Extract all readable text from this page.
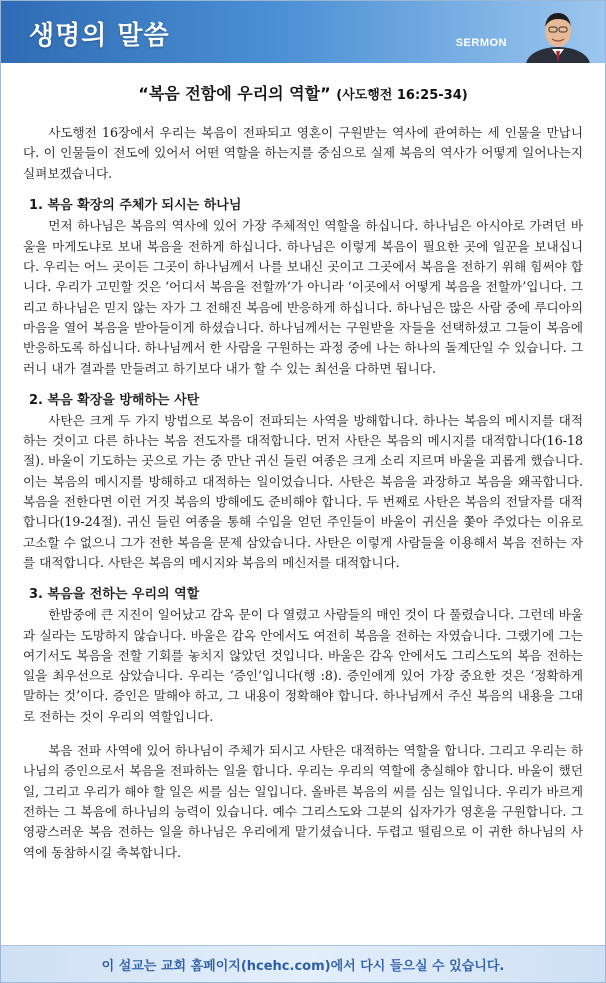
생명의 말씀	SERMON
“복음 전함에 우리의 역할” (사도행전 16:25-34)

사도행전 16장에서 우리는 복음이 전파되고 영혼이 구원받는 역사에 관여하는 세 인물을 만납니다. 이 인물들이 전도에 있어서 어떤 역할을 하는지를 중심으로 실제 복음의 역사가 어떻게 일어나는지 실펴보겠습니다.

1. 복음 확장의 주체가 되시는 하나님

먼저 하나님은 복음의 역사에 있어 가장 주체적인 역할을 하십니다. 하나님은 아시아로 가려던 바울을 마게도냐로 보내 복음을 전하게 하십니다. 하나님은 이렇게 복음이 필요한 곳에 일꾼을 보내십니다. 우리는 어느 곳이든 그곳이 하나님께서 나를 보내신 곳이고 그곳에서 복음을 전하기 위해 힘써야 합니다. 우리가 고민할 것은 ‘어디서 복음을 전할까’가 아니라 ‘이곳에서 어떻게 복음을 전할까’입니다. 그리고 하나님은 믿지 않는 자가 그 전해진 복음에 반응하게 하십니다. 하나님은 많은 사람 중에 루디아의 마음을 열어 복음을 받아들이게 하셨습니다. 하나님께서는 구원받을 자들을 선택하셨고 그들이 복음에 반응하도록 하십니다. 하나님께서 한 사람을 구원하는 과정 중에 나는 하나의 돌계단일 수 있습니다. 그러니 내가 결과를 만들려고 하기보다 내가 할 수 있는 최선을 다하면 됩니다.

2. 복음 확장을 방해하는 사탄

사탄은 크게 두 가지 방법으로 복음이 전파되는 사역을 방해합니다. 하나는 복음의 메시지를 대적하는 것이고 다른 하나는 복음 전도자를 대적합니다. 먼저 사탄은 복음의 메시지를 대적합니다(16-18절). 바울이 기도하는 곳으로 가는 중 만난 귀신 들린 여종은 크게 소리 지르며 바울을 괴롭게 했습니다. 이는 복음의 메시지를 방해하고 대적하는 일이었습니다. 사탄은 복음을 과장하고 복음을 왜곡합니다. 복음을 전한다면 이런 거짓 복음의 방해에도 준비해야 합니다. 두 번째로 사탄은 복음의 전달자를 대적합니다(19-24절). 귀신 들린 여종을 통해 수입을 얻던 주인들이 바울이 귀신을 쫓아 주었다는 이유로 고소할 수 없으니 그가 전한 복음을 문제 삼았습니다. 사탄은 이렇게 사람들을 이용해서 복음 전하는 자를 대적합니다. 사탄은 복음의 메시지와 복음의 메신저를 대적합니다.

3. 복음을 전하는 우리의 역할

한밤중에 큰 지진이 일어났고 감옥 문이 다 열렸고 사람들의 매인 것이 다 풀렸습니다. 그런데 바울과 실라는 도망하지 않습니다. 바울은 감옥 안에서도 여전히 복음을 전하는 자였습니다. 그랬기에 그는 여기서도 복음을 전할 기회를 놓치지 않았던 것입니다. 바울은 감옥 안에서도 그리스도의 복음 전하는 일을 최우선으로 삼았습니다. 우리는 ‘증인’입니다(행 :8). 증인에게 있어 가장 중요한 것은 ‘정확하게 말하는 것’이다. 증인은 말해야 하고, 그 내용이 정확해야 합니다. 하나님께서 주신 복음의 내용을 그대로 전하는 것이 우리의 역할입니다.

복음 전파 사역에 있어 하나님이 주체가 되시고 사탄은 대적하는 역할을 합니다. 그리고 우리는 하나님의 증인으로서 복음을 전파하는 일을 합니다. 우리는 우리의 역할에 충실해야 합니다. 바울이 했던 일, 그리고 우리가 해야 할 일은 씨를 심는 일입니다. 올바른 복음의 씨를 심는 일입니다. 우리가 바르게 전하는 그 복음에 하나님의 능력이 있습니다. 예수 그리스도와 그분의 십자가가 영혼을 구원합니다. 그 영광스러운 복음 전하는 일을 하나님은 우리에게 맡기셨습니다. 두렵고 떨림으로 이 귀한 하나님의 사역에 동참하시길 축복합니다.

이 설교는 교회 홈페이지(hcehc.com)에서 다시 들으실 수 있습니다.
